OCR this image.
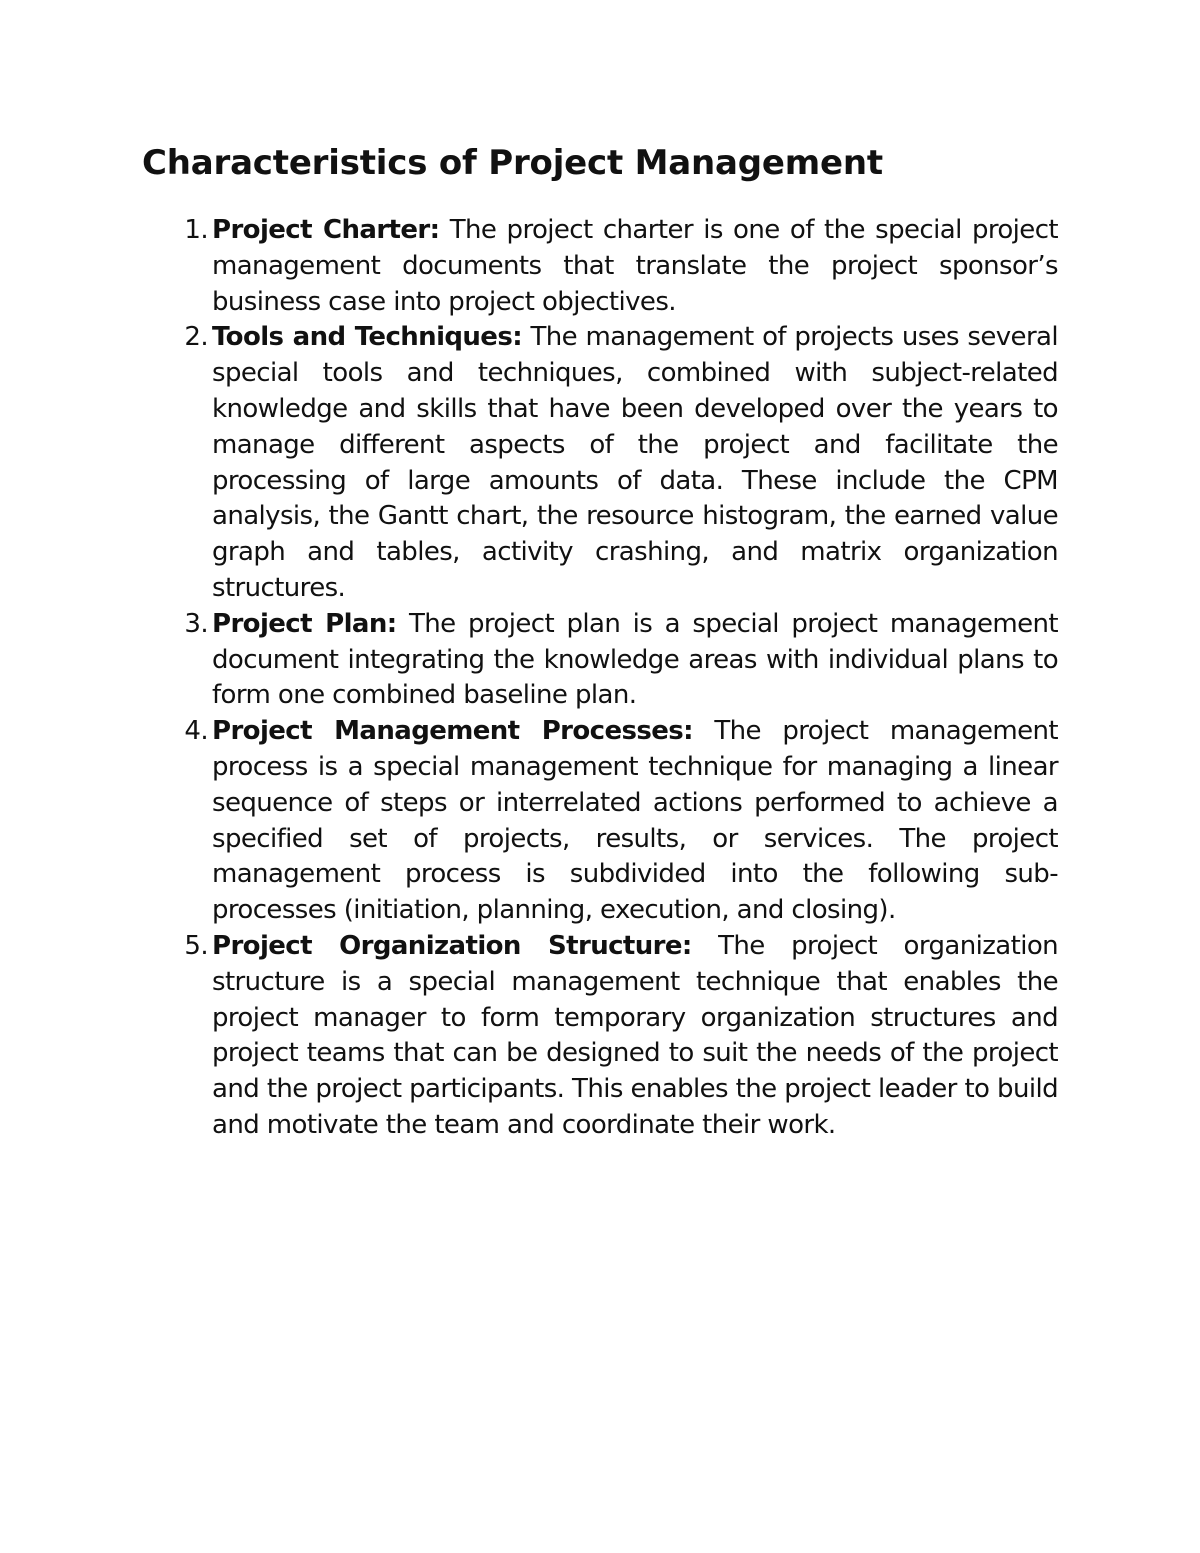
Characteristics of Project Management
1. Project Charter: The project charter is one of the special project management documents that translate the project sponsor’s business case into project objectives.
2. Tools and Techniques: The management of projects uses several special tools and techniques, combined with subject-related knowledge and skills that have been developed over the years to manage different aspects of the project and facilitate the processing of large amounts of data. These include the CPM analysis, the Gantt chart, the resource histogram, the earned value graph and tables, activity crashing, and matrix organization structures.
3. Project Plan: The project plan is a special project management document integrating the knowledge areas with individual plans to form one combined baseline plan.
4. Project Management Processes: The project management process is a special management technique for managing a linear sequence of steps or interrelated actions performed to achieve a specified set of projects, results, or services. The project management process is subdivided into the following sub-processes (initiation, planning, execution, and closing).
5. Project Organization Structure: The project organization structure is a special management technique that enables the project manager to form temporary organization structures and project teams that can be designed to suit the needs of the project and the project participants. This enables the project leader to build and motivate the team and coordinate their work.
